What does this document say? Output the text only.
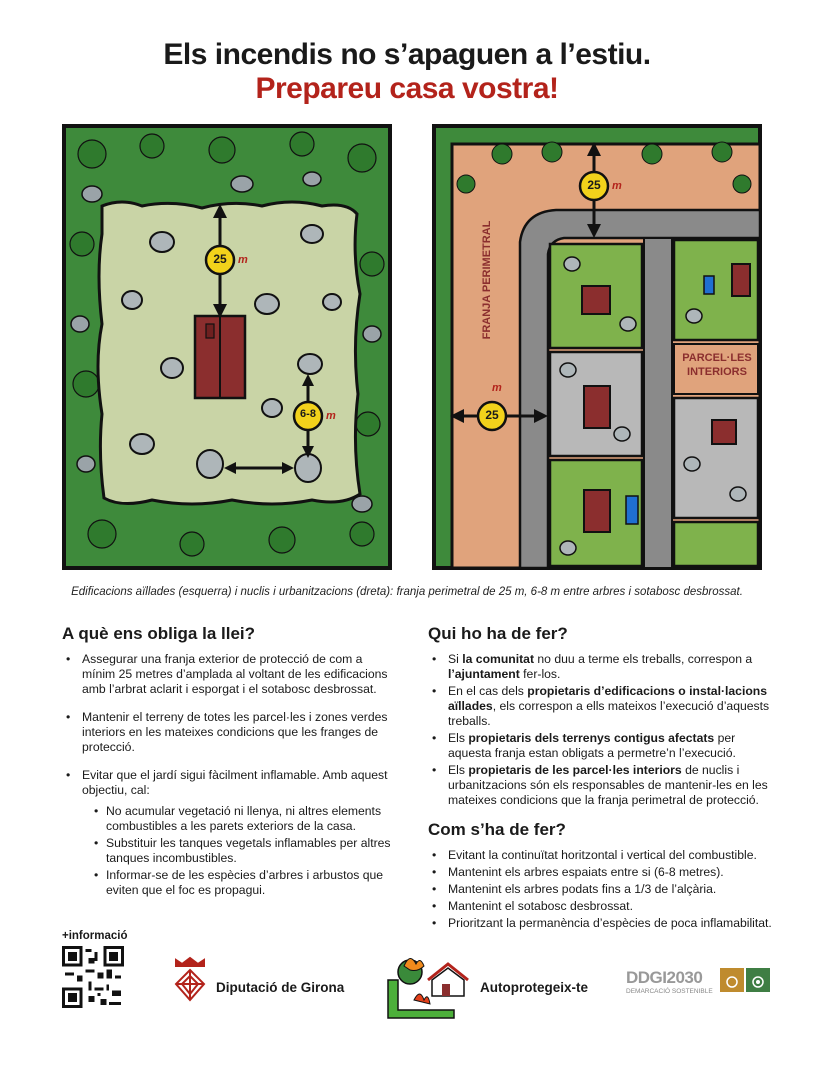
Els incendis no s’apaguen a l’estiu.
Prepareu casa vostra!
25	m
6-8 m
25	m
25
m
FRANJA PERIMETRAL
PARCEL·LES
INTERIORS
Edificacions aïllades (esquerra) i nuclis i urbanitzacions (dreta): franja perimetral de 25 m, 6-8 m entre arbres i sotabosc desbrossat.
A què ens obliga la llei?
• Assegurar una franja exterior de protecció de com a mínim 25 metres d’amplada al voltant de les edificacions amb l’arbrat aclarit i esporgat i el sotabosc desbrossat.
• Mantenir el terreny de totes les parcel·les i zones verdes interiors en les mateixes condicions que les franges de protecció.
• Evitar que el jardí sigui fàcilment inflamable. Amb aquest objectiu, cal:
• No acumular vegetació ni llenya, ni altres elements combustibles a les parets exteriors de la casa.
• Substituir les tanques vegetals inflamables per altres tanques incombustibles.
• Informar-se de les espècies d’arbres i arbustos que eviten que el foc es propagui.
Qui ho ha de fer?
• Si la comunitat no duu a terme els treballs, correspon a l’ajuntament fer-los.
• En el cas dels propietaris d’edificacions o instal·lacions aïllades, els correspon a ells mateixos l’execució d’aquests treballs.
• Els propietaris dels terrenys contigus afectats per aquesta franja estan obligats a permetre’n l’execució.
• Els propietaris de les parcel·les interiors de nuclis i urbanitzacions són els responsables de mantenir-les en les mateixes condicions que la franja perimetral de protecció.
Com s’ha de fer?
• Evitant la continuïtat horitzontal i vertical del combustible.
• Mantenint els arbres espaiats entre si (6-8 metres).
• Mantenint els arbres podats fins a 1/3 de l’alçària.
• Mantenint el sotabosc desbrossat.
• Prioritzant la permanència d’espècies de poca inflamabilitat.
+informació
Diputació de Girona	Autoprotegeix-te
DDGI2030
DEMARCACIÓ SOSTENIBLE
